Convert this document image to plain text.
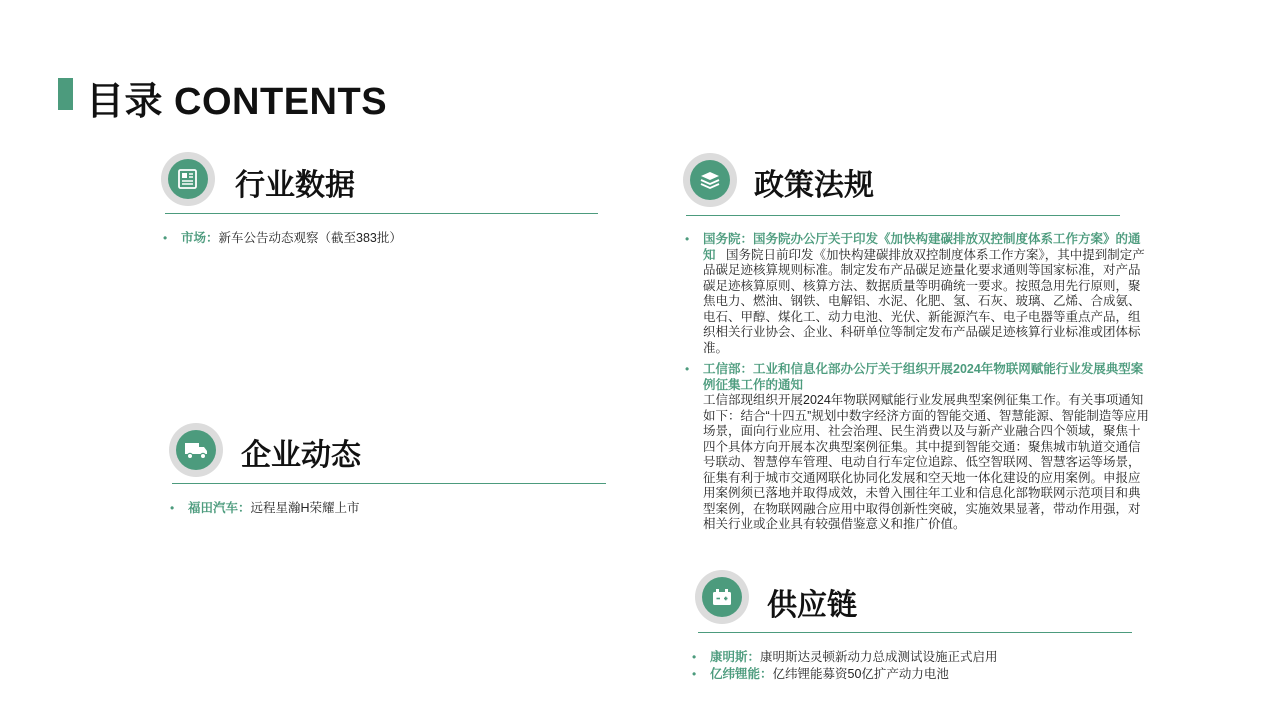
目录 CONTENTS
行业数据
• 市场：新车公告动态观察（截至383批）
政策法规
• 国务院：国务院办公厅关于印发《加快构建碳排放双控制度体系工作方案》的通知 国务院日前印发《加快构建碳排放双控制度体系工作方案》，其中提到制定产品碳足迹核算规则标准。制定发布产品碳足迹量化要求通则等国家标准，对产品碳足迹核算原则、核算方法、数据质量等明确统一要求。按照急用先行原则，聚焦电力、燃油、钢铁、电解铝、水泥、化肥、氢、石灰、玻璃、乙烯、合成氨、电石、甲醇、煤化工、动力电池、光伏、新能源汽车、电子电器等重点产品，组织相关行业协会、企业、科研单位等制定发布产品碳足迹核算行业标准或团体标准。
• 工信部：工业和信息化部办公厅关于组织开展2024年物联网赋能行业发展典型案例征集工作的通知
工信部现组织开展2024年物联网赋能行业发展典型案例征集工作。有关事项通知如下：结合“十四五”规划中数字经济方面的智能交通、智慧能源、智能制造等应用场景，面向行业应用、社会治理、民生消费以及与新产业融合四个领域，聚焦十四个具体方向开展本次典型案例征集。其中提到智能交通：聚焦城市轨道交通信号联动、智慧停车管理、电动自行车定位追踪、低空智联网、智慧客运等场景，征集有利于城市交通网联化协同化发展和空天地一体化建设的应用案例。申报应用案例须已落地并取得成效，未曾入围往年工业和信息化部物联网示范项目和典型案例，在物联网融合应用中取得创新性突破，实施效果显著，带动作用强，对相关行业或企业具有较强借鉴意义和推广价值。
企业动态
• 福田汽车：远程星瀚H荣耀上市
供应链
• 康明斯：康明斯达灵顿新动力总成测试设施正式启用
• 亿纬锂能：亿纬锂能募资50亿扩产动力电池
